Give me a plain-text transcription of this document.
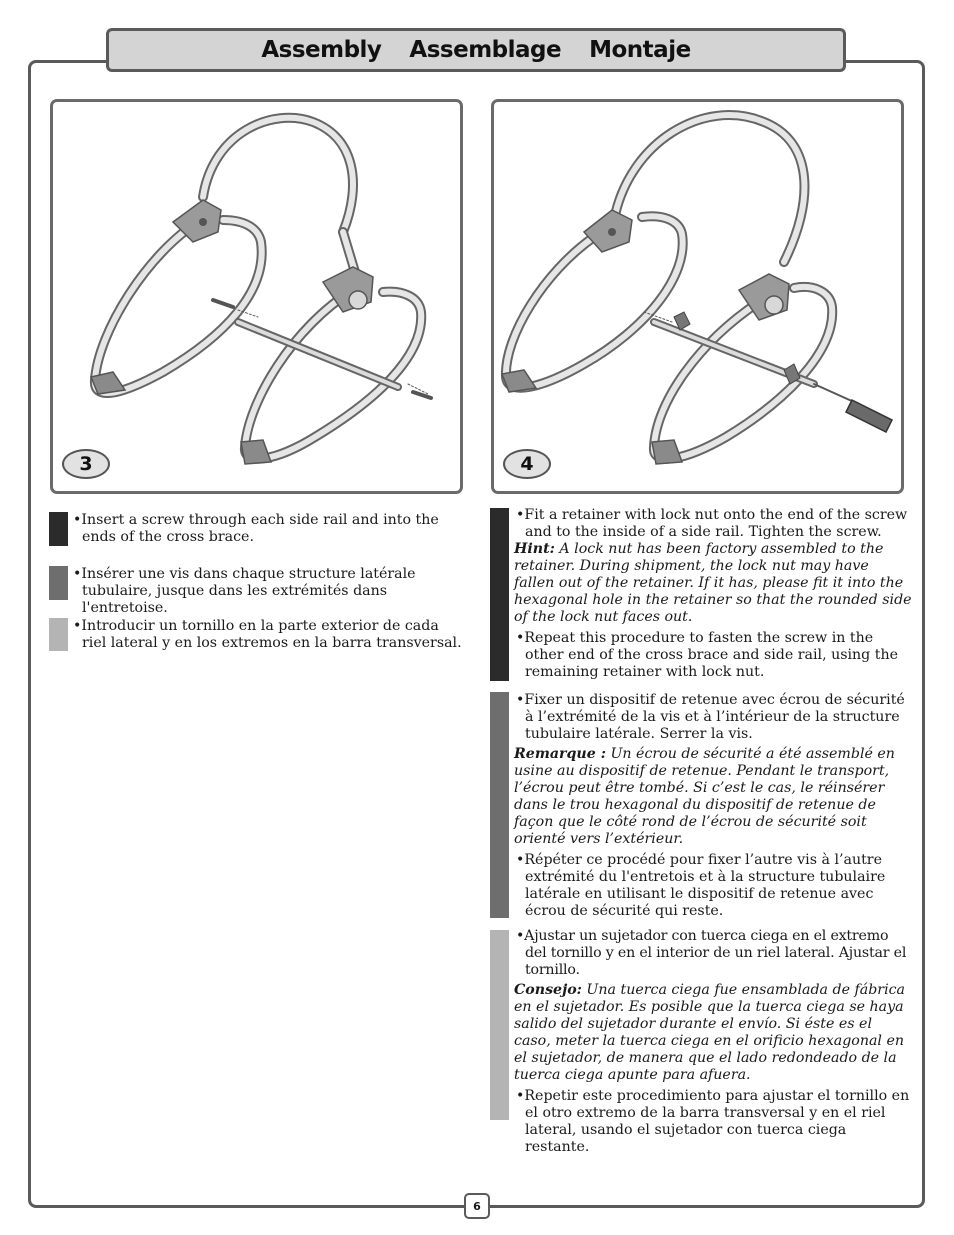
Assembly Assemblage Montaje
3	4
•Insert a screw through each side rail and into the ends of the cross brace.
•Insérer une vis dans chaque structure latérale tubulaire, jusque dans les extrémités dans l'entretoise.
•Introducir un tornillo en la parte exterior de cada riel lateral y en los extremos en la barra transversal.
•Fit a retainer with lock nut onto the end of the screw and to the inside of a side rail. Tighten the screw.
Hint: A lock nut has been factory assembled to the retainer. During shipment, the lock nut may have fallen out of the retainer. If it has, please fit it into the hexagonal hole in the retainer so that the rounded side of the lock nut faces out.
•Repeat this procedure to fasten the screw in the other end of the cross brace and side rail, using the remaining retainer with lock nut.
•Fixer un dispositif de retenue avec écrou de sécurité à l’extrémité de la vis et à l’intérieur de la structure tubulaire latérale. Serrer la vis.
Remarque : Un écrou de sécurité a été assemblé en usine au dispositif de retenue. Pendant le transport, l’écrou peut être tombé. Si c’est le cas, le réinsérer dans le trou hexagonal du dispositif de retenue de façon que le côté rond de l’écrou de sécurité soit orienté vers l’extérieur.
•Répéter ce procédé pour fixer l’autre vis à l’autre extrémité du l'entretois et à la structure tubulaire latérale en utilisant le dispositif de retenue avec écrou de sécurité qui reste.
•Ajustar un sujetador con tuerca ciega en el extremo del tornillo y en el interior de un riel lateral. Ajustar el tornillo.
Consejo: Una tuerca ciega fue ensamblada de fábrica en el sujetador. Es posible que la tuerca ciega se haya salido del sujetador durante el envío. Si éste es el caso, meter la tuerca ciega en el orificio hexagonal en el sujetador, de manera que el lado redondeado de la tuerca ciega apunte para afuera.
•Repetir este procedimiento para ajustar el tornillo en el otro extremo de la barra transversal y en el riel lateral, usando el sujetador con tuerca ciega restante.
6
